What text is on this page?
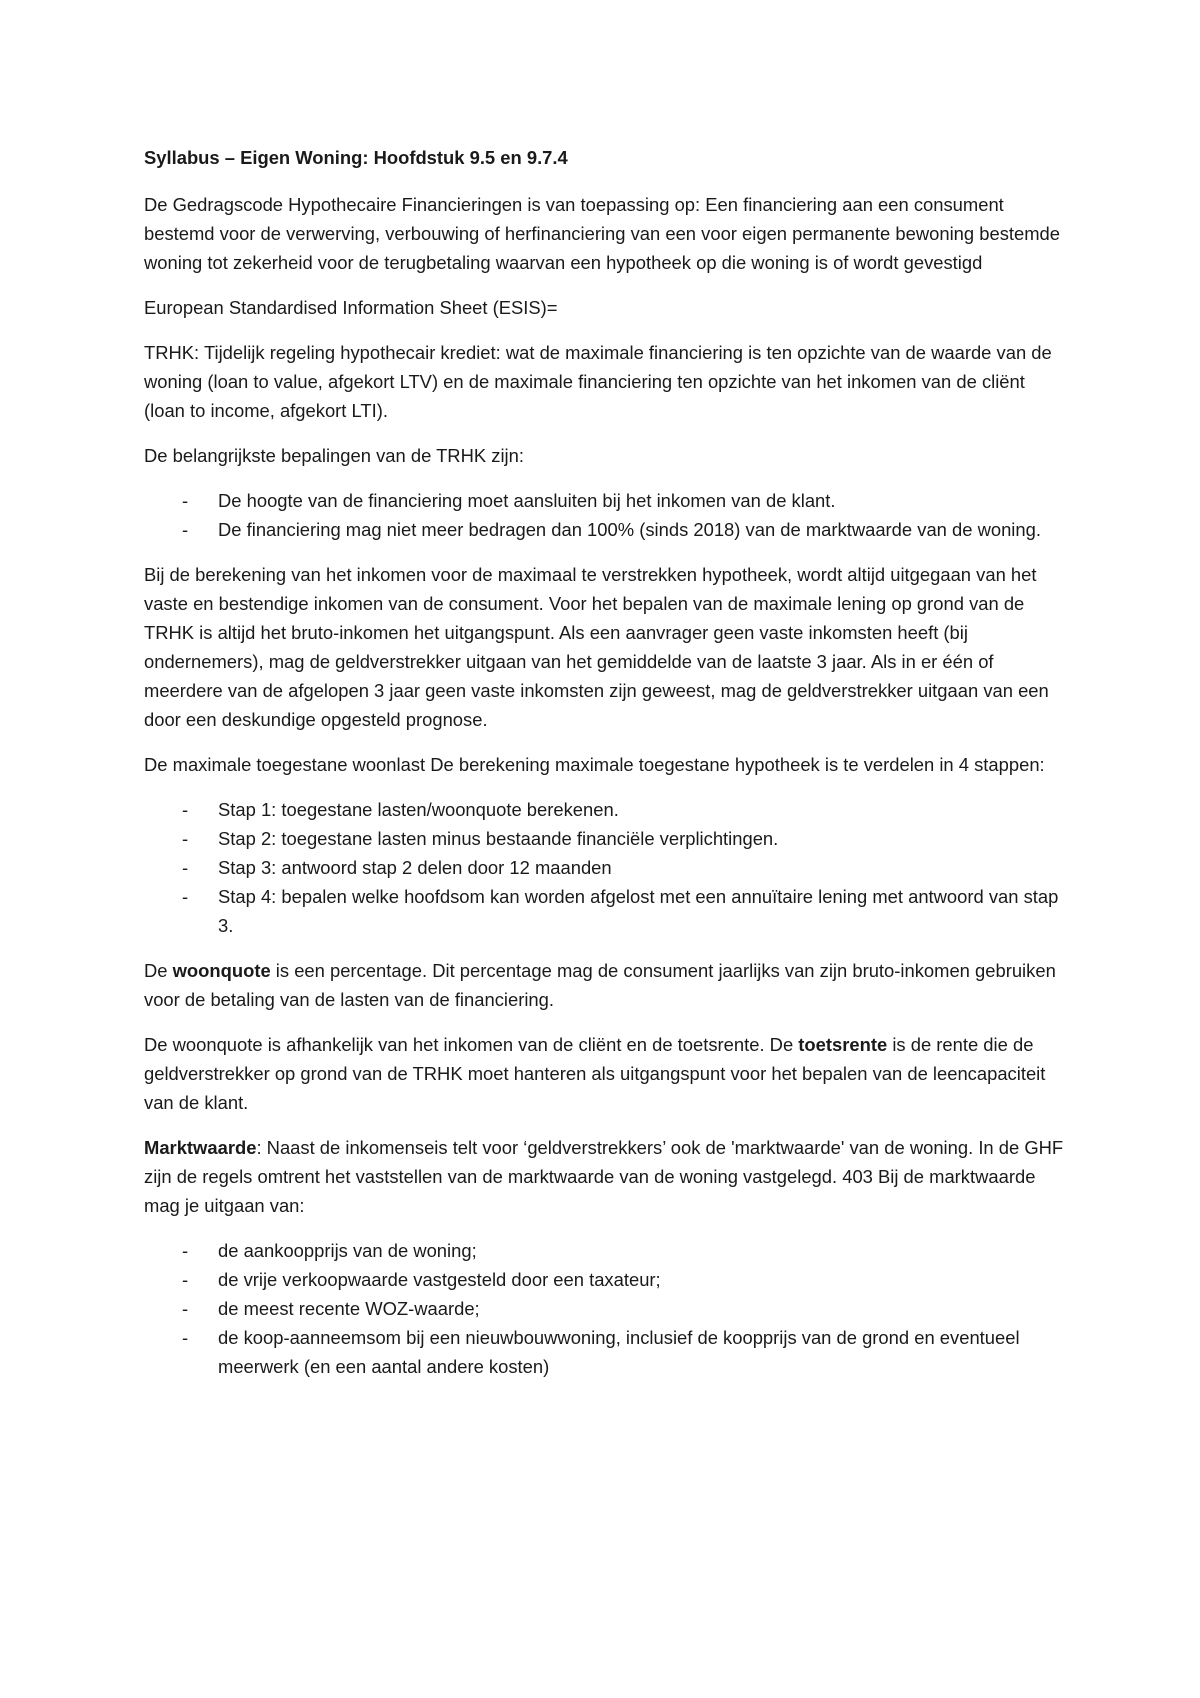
Syllabus – Eigen Woning: Hoofdstuk 9.5 en 9.7.4

De Gedragscode Hypothecaire Financieringen is van toepassing op: Een financiering aan een consument bestemd voor de verwerving, verbouwing of herfinanciering van een voor eigen permanente bewoning bestemde woning tot zekerheid voor de terugbetaling waarvan een hypotheek op die woning is of wordt gevestigd

European Standardised Information Sheet (ESIS)=

TRHK: Tijdelijk regeling hypothecair krediet: wat de maximale financiering is ten opzichte van de waarde van de woning (loan to value, afgekort LTV) en de maximale financiering ten opzichte van het inkomen van de cliënt (loan to income, afgekort LTI).

De belangrijkste bepalingen van de TRHK zijn:

- De hoogte van de financiering moet aansluiten bij het inkomen van de klant.
- De financiering mag niet meer bedragen dan 100% (sinds 2018) van de marktwaarde van de woning.

Bij de berekening van het inkomen voor de maximaal te verstrekken hypotheek, wordt altijd uitgegaan van het vaste en bestendige inkomen van de consument. Voor het bepalen van de maximale lening op grond van de TRHK is altijd het bruto-inkomen het uitgangspunt. Als een aanvrager geen vaste inkomsten heeft (bij ondernemers), mag de geldverstrekker uitgaan van het gemiddelde van de laatste 3 jaar. Als in er één of meerdere van de afgelopen 3 jaar geen vaste inkomsten zijn geweest, mag de geldverstrekker uitgaan van een door een deskundige opgesteld prognose.

De maximale toegestane woonlast De berekening maximale toegestane hypotheek is te verdelen in 4 stappen:

- Stap 1: toegestane lasten/woonquote berekenen.
- Stap 2: toegestane lasten minus bestaande financiële verplichtingen.
- Stap 3: antwoord stap 2 delen door 12 maanden
- Stap 4: bepalen welke hoofdsom kan worden afgelost met een annuïtaire lening met antwoord van stap 3.

De woonquote is een percentage. Dit percentage mag de consument jaarlijks van zijn bruto-inkomen gebruiken voor de betaling van de lasten van de financiering.

De woonquote is afhankelijk van het inkomen van de cliënt en de toetsrente. De toetsrente is de rente die de geldverstrekker op grond van de TRHK moet hanteren als uitgangspunt voor het bepalen van de leencapaciteit van de klant.

Marktwaarde: Naast de inkomenseis telt voor ‘geldverstrekkers’ ook de 'marktwaarde' van de woning. In de GHF zijn de regels omtrent het vaststellen van de marktwaarde van de woning vastgelegd. 403 Bij de marktwaarde mag je uitgaan van:

- de aankoopprijs van de woning;
- de vrije verkoopwaarde vastgesteld door een taxateur;
- de meest recente WOZ-waarde;
- de koop-aanneemsom bij een nieuwbouwwoning, inclusief de koopprijs van de grond en eventueel meerwerk (en een aantal andere kosten)
